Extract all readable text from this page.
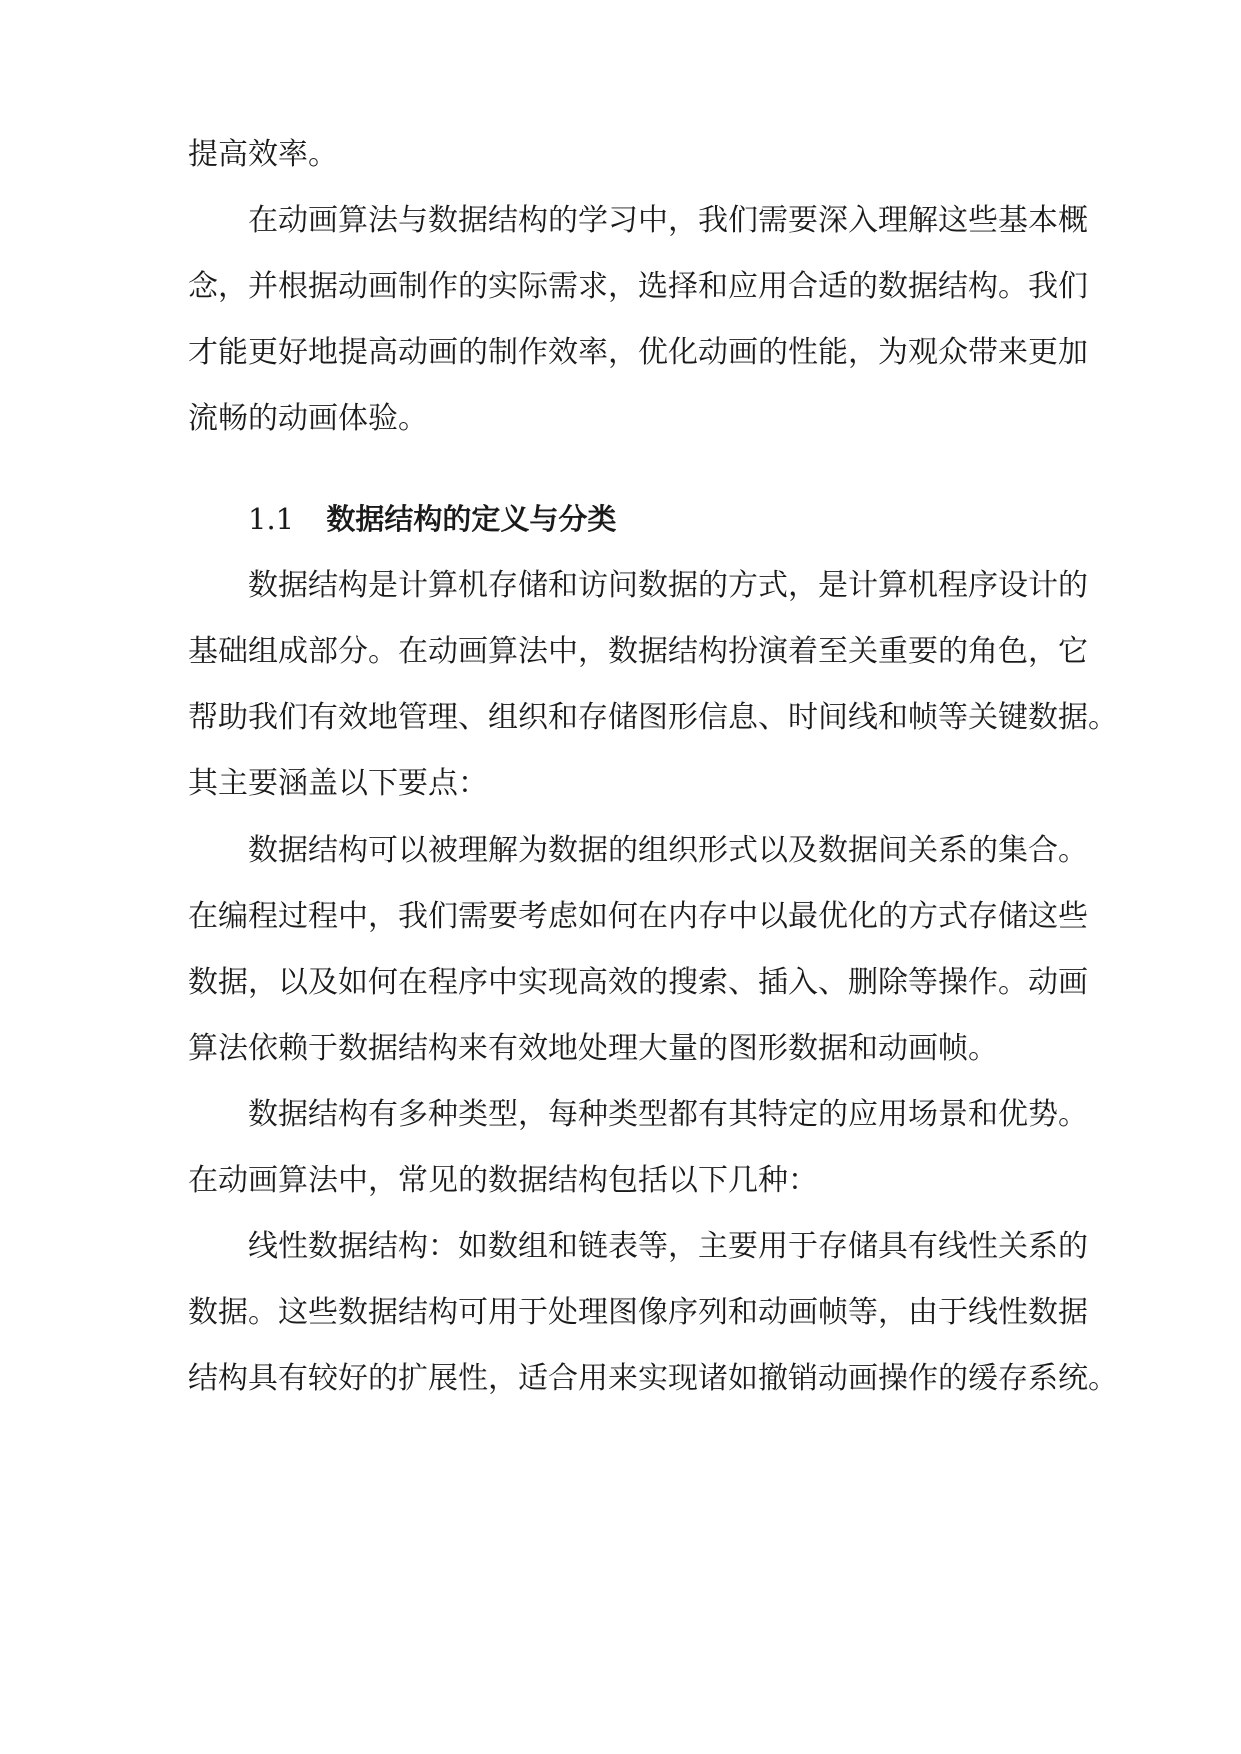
提高效率。
在动画算法与数据结构的学习中，我们需要深入理解这些基本概
念，并根据动画制作的实际需求，选择和应用合适的数据结构。我们
才能更好地提高动画的制作效率，优化动画的性能，为观众带来更加
流畅的动画体验。
1.1 数据结构的定义与分类
数据结构是计算机存储和访问数据的方式，是计算机程序设计的
基础组成部分。在动画算法中，数据结构扮演着至关重要的角色，它
帮助我们有效地管理、组织和存储图形信息、时间线和帧等关键数据。
其主要涵盖以下要点：
数据结构可以被理解为数据的组织形式以及数据间关系的集合。
在编程过程中，我们需要考虑如何在内存中以最优化的方式存储这些
数据，以及如何在程序中实现高效的搜索、插入、删除等操作。动画
算法依赖于数据结构来有效地处理大量的图形数据和动画帧。
数据结构有多种类型，每种类型都有其特定的应用场景和优势。
在动画算法中，常见的数据结构包括以下几种：
线性数据结构：如数组和链表等，主要用于存储具有线性关系的
数据。这些数据结构可用于处理图像序列和动画帧等，由于线性数据
结构具有较好的扩展性，适合用来实现诸如撤销动画操作的缓存系统。
